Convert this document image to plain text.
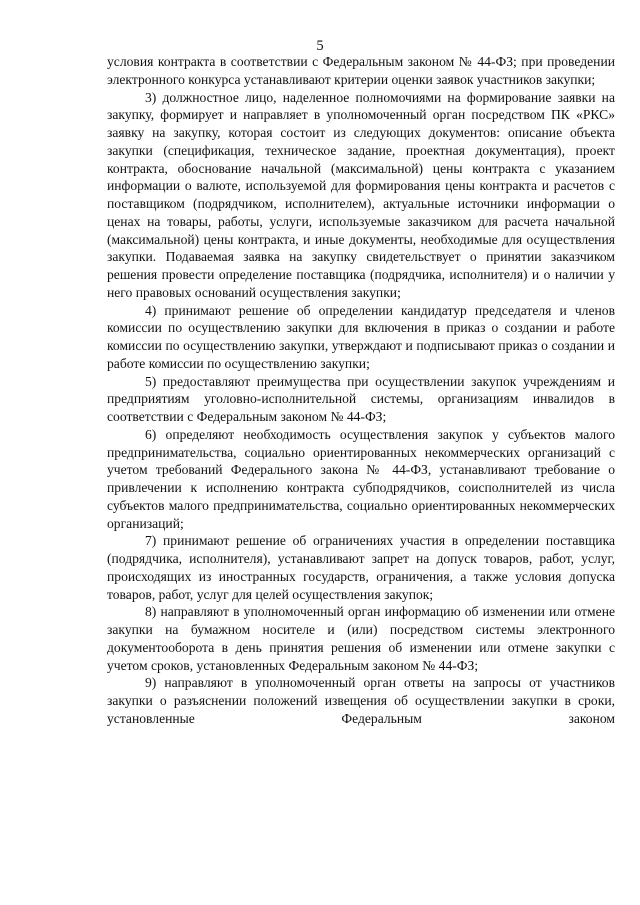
5

условия контракта в соответствии с Федеральным законом № 44-ФЗ; при проведении электронного конкурса устанавливают критерии оценки заявок участников закупки;

3) должностное лицо, наделенное полномочиями на формирование заявки на закупку, формирует и направляет в уполномоченный орган посредством ПК «РКС» заявку на закупку, которая состоит из следующих документов: описание объекта закупки (спецификация, техническое задание, проектная документация), проект контракта, обоснование начальной (максимальной) цены контракта с указанием информации о валюте, используемой для формирования цены контракта и расчетов с поставщиком (подрядчиком, исполнителем), актуальные источники информации о ценах на товары, работы, услуги, используемые заказчиком для расчета начальной (максимальной) цены контракта, и иные документы, необходимые для осуществления закупки. Подаваемая заявка на закупку свидетельствует о принятии заказчиком решения провести определение поставщика (подрядчика, исполнителя) и о наличии у него правовых оснований осуществления закупки;

4) принимают решение об определении кандидатур председателя и членов комиссии по осуществлению закупки для включения в приказ о создании и работе комиссии по осуществлению закупки, утверждают и подписывают приказ о создании и работе комиссии по осуществлению закупки;

5) предоставляют преимущества при осуществлении закупок учреждениям и предприятиям уголовно-исполнительной системы, организациям инвалидов в соответствии с Федеральным законом № 44-ФЗ;

6) определяют необходимость осуществления закупок у субъектов малого предпринимательства, социально ориентированных некоммерческих организаций с учетом требований Федерального закона № 44-ФЗ, устанавливают требование о привлечении к исполнению контракта субподрядчиков, соисполнителей из числа субъектов малого предпринимательства, социально ориентированных некоммерческих организаций;

7) принимают решение об ограничениях участия в определении поставщика (подрядчика, исполнителя), устанавливают запрет на допуск товаров, работ, услуг, происходящих из иностранных государств, ограничения, а также условия допуска товаров, работ, услуг для целей осуществления закупок;

8) направляют в уполномоченный орган информацию об изменении или отмене закупки на бумажном носителе и (или) посредством системы электронного документооборота в день принятия решения об изменении или отмене закупки с учетом сроков, установленных Федеральным законом № 44-ФЗ;

9) направляют в уполномоченный орган ответы на запросы от участников закупки о разъяснении положений извещения об осуществлении закупки в сроки, установленные Федеральным законом
